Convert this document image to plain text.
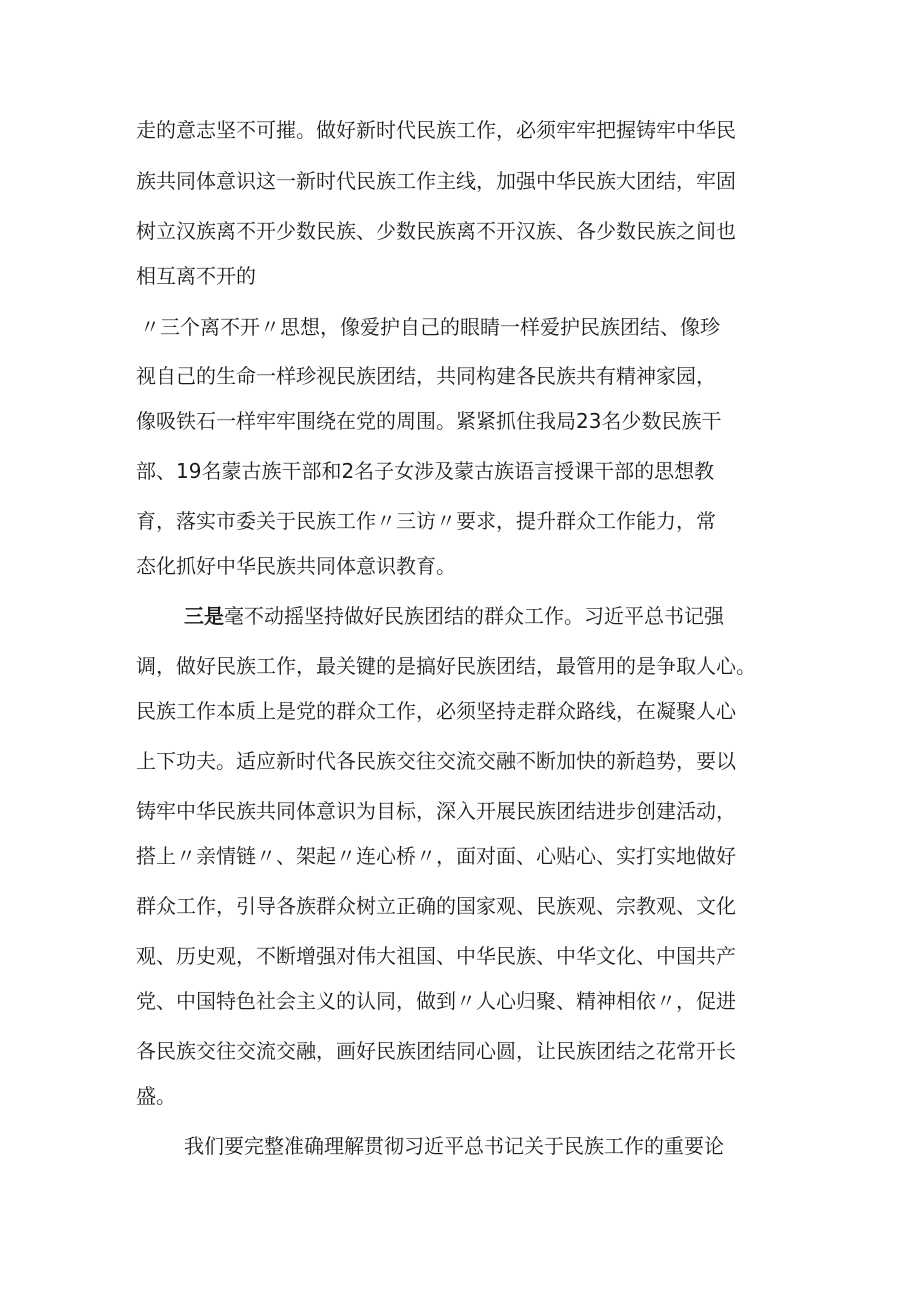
走的意志坚不可摧。做好新时代民族工作，必须牢牢把握铸牢中华民
族共同体意识这一新时代民族工作主线，加强中华民族大团结，牢固
树立汉族离不开少数民族、少数民族离不开汉族、各少数民族之间也
相互离不开的
〃三个离不开〃思想，像爱护自己的眼睛一样爱护民族团结、像珍
视自己的生命一样珍视民族团结，共同构建各民族共有精神家园，
像吸铁石一样牢牢围绕在党的周围。紧紧抓住我局23名少数民族干
部、19名蒙古族干部和2名子女涉及蒙古族语言授课干部的思想教
育，落实市委关于民族工作〃三访〃要求，提升群众工作能力，常
态化抓好中华民族共同体意识教育。
三是毫不动摇坚持做好民族团结的群众工作。习近平总书记强
调，做好民族工作，最关键的是搞好民族团结，最管用的是争取人心。
民族工作本质上是党的群众工作，必须坚持走群众路线，在凝聚人心
上下功夫。适应新时代各民族交往交流交融不断加快的新趋势，要以
铸牢中华民族共同体意识为目标，深入开展民族团结进步创建活动，
搭上〃亲情链〃、架起〃连心桥〃，面对面、心贴心、实打实地做好
群众工作，引导各族群众树立正确的国家观、民族观、宗教观、文化
观、历史观，不断增强对伟大祖国、中华民族、中华文化、中国共产
党、中国特色社会主义的认同，做到〃人心归聚、精神相依〃，促进
各民族交往交流交融，画好民族团结同心圆，让民族团结之花常开长
盛。
我们要完整准确理解贯彻习近平总书记关于民族工作的重要论
